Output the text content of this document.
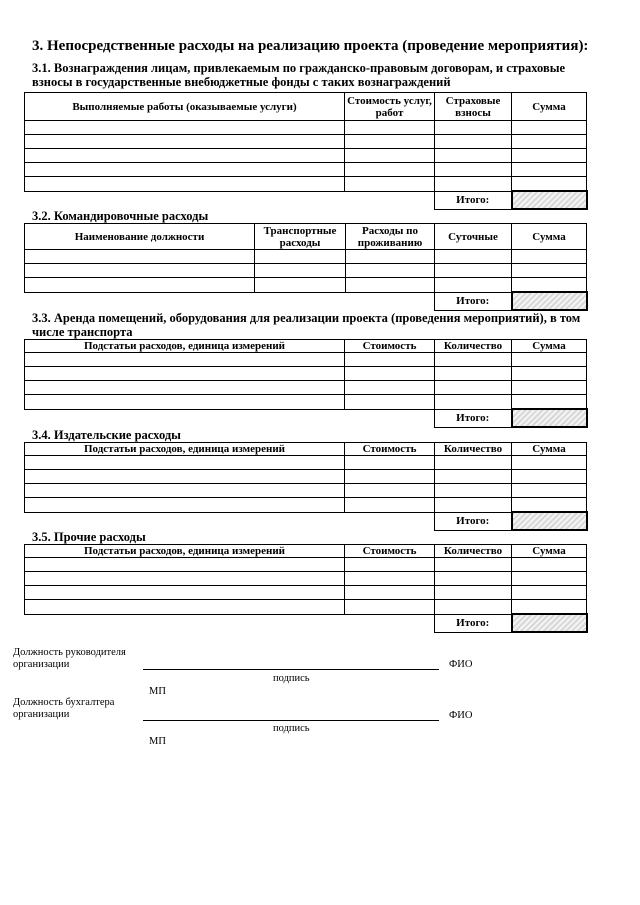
3. Непосредственные расходы на реализацию проекта (проведение мероприятия):
3.1. Вознаграждения лицам, привлекаемым по гражданско-правовым договорам, и страховые взносы в государственные внебюджетные фонды с таких вознаграждений
Выполняемые работы (оказываемые услуги)	Стоимость услуг, работ	Страховые взносы	Сумма

		Итого:	
3.2. Командировочные расходы
Наименование должности	Транспортные расходы	Расходы по проживанию	Суточные	Сумма

			Итого:	
3.3. Аренда помещений, оборудования для реализации проекта (проведения мероприятий), в том числе транспорта
Подстатьи расходов, единица измерений	Стоимость	Количество	Сумма

		Итого:	
3.4. Издательские расходы
Подстатьи расходов, единица измерений	Стоимость	Количество	Сумма

		Итого:	
3.5. Прочие расходы
Подстатьи расходов, единица измерений	Стоимость	Количество	Сумма

		Итого:	
Должность руководителя организации	ФИО
подпись
МП
Должность бухгалтера организации	ФИО
подпись
МП
